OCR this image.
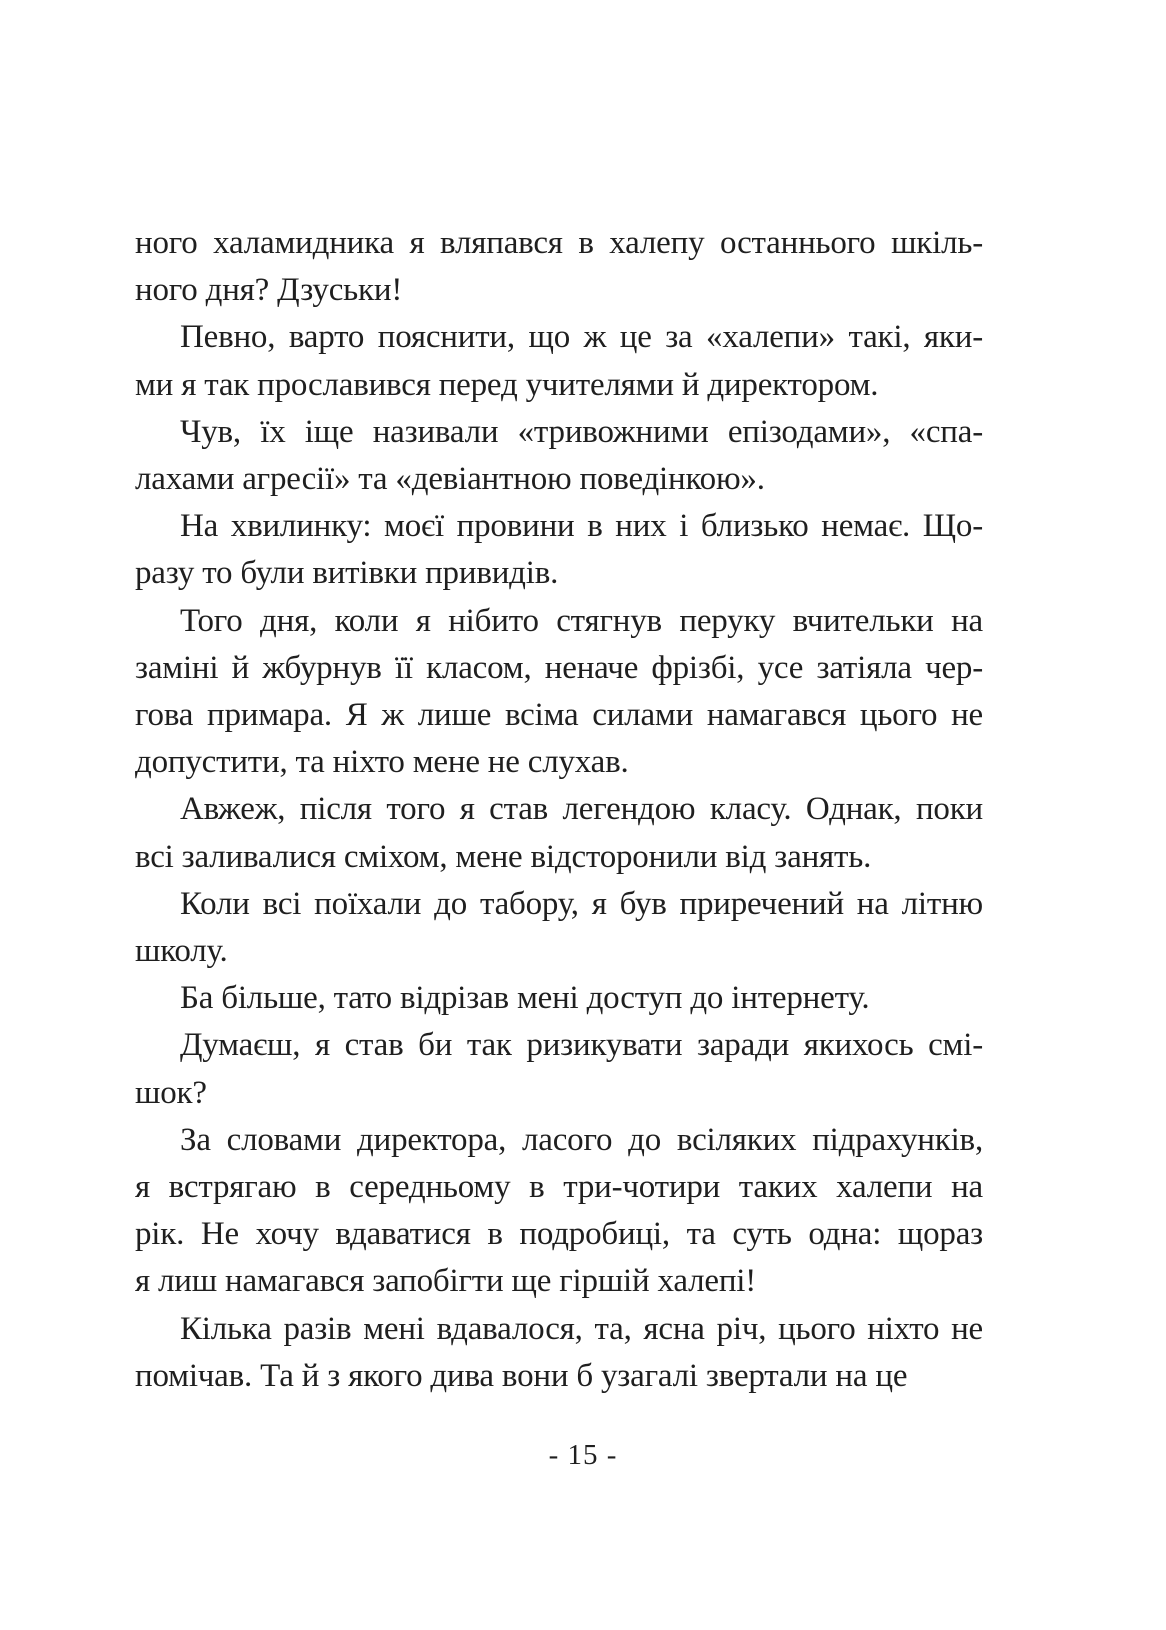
ного халамидника я вляпався в халепу останнього шкіль-
ного дня? Дзуськи!
Певно, варто пояснити, що ж це за «халепи» такі, яки-
ми я так прославився перед учителями й директором.
Чув, їх іще називали «тривожними епізодами», «спа-
лахами агресії» та «девіантною поведінкою».
На хвилинку: моєї провини в них і близько немає. Що-
разу то були витівки привидів.
Того дня, коли я нібито стягнув перуку вчительки на
заміні й жбурнув її класом, неначе фрізбі, усе затіяла чер-
гова примара. Я ж лише всіма силами намагався цього не
допустити, та ніхто мене не слухав.
Авжеж, після того я став легендою класу. Однак, поки
всі заливалися сміхом, мене відсторонили від занять.
Коли всі поїхали до табору, я був приречений на літню
школу.
Ба більше, тато відрізав мені доступ до інтернету.
Думаєш, я став би так ризикувати заради якихось смі-
шок?
За словами директора, ласого до всіляких підрахунків,
я встрягаю в середньому в три-чотири таких халепи на
рік. Не хочу вдаватися в подробиці, та суть одна: щораз
я лиш намагався запобігти ще гіршій халепі!
Кілька разів мені вдавалося, та, ясна річ, цього ніхто не
помічав. Та й з якого дива вони б узагалі звертали на це
- 15 -
